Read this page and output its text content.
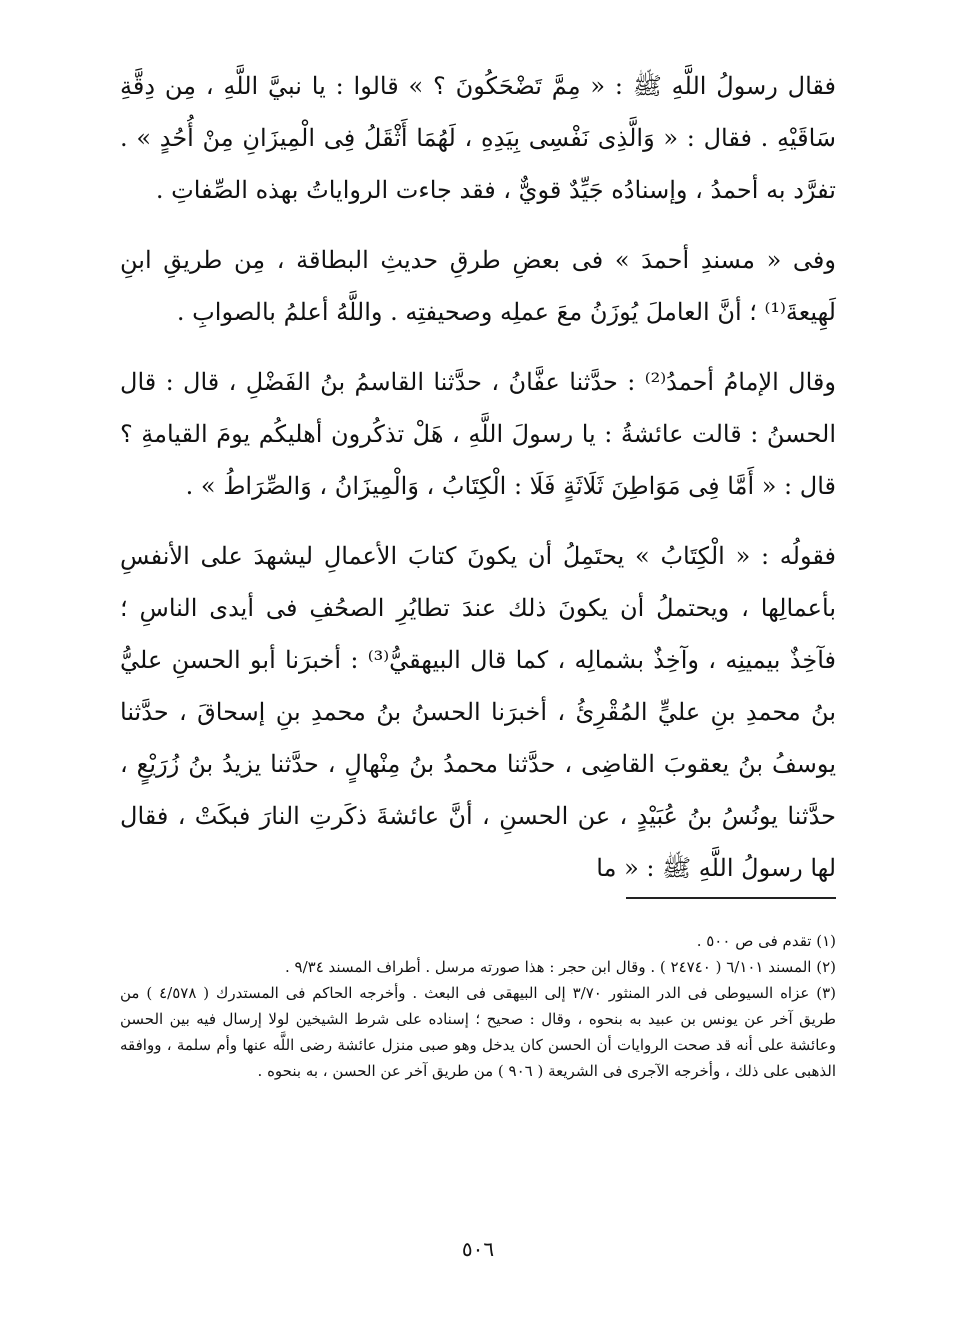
فقال رسولُ اللَّهِ ﷺ : « مِمَّ تَضْحَكُونَ ؟ » قالوا : يا نبيَّ اللَّهِ ، مِن دِقَّةِ سَاقَيْهِ . فقال : « وَالَّذِى نَفْسِى بِيَدِهِ ، لَهُمَا أَثْقَلُ فِى الْمِيزَانِ مِنْ أُحُدٍ » . تفرَّد به أحمدُ ، وإسنادُه جَيِّدٌ قويٌّ ، فقد جاءت الرواياتُ بهذه الصِّفاتِ .

وفى « مسندِ أحمدَ » فى بعضِ طرقِ حديثِ البطاقة ، مِن طريقِ ابنِ لَهِيعةَ⁽¹⁾ ؛ أنَّ العاملَ يُوزَنُ معَ عملِه وصحيفتِه . واللَّهُ أعلمُ بالصوابِ .

وقال الإمامُ أحمدُ⁽²⁾ : حدَّثنا عفَّانُ ، حدَّثنا القاسمُ بنُ الفَضْلِ ، قال : قال الحسنُ : قالت عائشةُ : يا رسولَ اللَّهِ ، هَلْ تذكُرون أهليكُم يومَ القيامةِ ؟ قال : « أَمَّا فِى مَوَاطِنَ ثَلَاثَةٍ فَلَا : الْكِتَابُ ، وَالْمِيزَانُ ، وَالصِّرَاطُ » .

فقولُه : « الْكِتَابُ » يحتَمِلُ أن يكونَ كتابَ الأعمالِ ليشهدَ على الأنفسِ بأعمالِها ، ويحتملُ أن يكونَ ذلك عندَ تطايُرِ الصحُفِ فى أيدى الناسِ ؛ فآخِذٌ بيمينِه ، وآخِذٌ بشمالِه ، كما قال البيهقيُّ⁽³⁾ : أخبرَنا أبو الحسنِ عليُّ بنُ محمدِ بنِ عليٍّ المُقْرِئُ ، أخبرَنا الحسنُ بنُ محمدِ بنِ إسحاقَ ، حدَّثنا يوسفُ بنُ يعقوبَ القاضِى ، حدَّثنا محمدُ بنُ مِنْهالٍ ، حدَّثنا يزيدُ بنُ زُرَيْعٍ ، حدَّثنا يونُسُ بنُ عُبَيْدٍ ، عن الحسنِ ، أنَّ عائشةَ ذكَرتِ النارَ فبكَتْ ، فقال لها رسولُ اللَّهِ ﷺ : « ما

(١) تقدم فى ص ٥٠٠ .

(٢) المسند ٦/١٠١ ( ٢٤٧٤٠ ) . وقال ابن حجر : هذا صورته مرسل . أطراف المسند ٩/٣٤ .

(٣) عزاه السيوطى فى الدر المنثور ٣/٧٠ إلى البيهقى فى البعث . وأخرجه الحاكم فى المستدرك ( ٤/٥٧٨ ) من طريق آخر عن يونس بن عبيد به بنحوه ، وقال : صحيح ؛ إسناده على شرط الشيخين لولا إرسال فيه بين الحسن وعائشة على أنه قد صحت الروايات أن الحسن كان يدخل وهو صبى منزل عائشة رضى اللَّه عنها وأم سلمة ، ووافقه الذهبى على ذلك ، وأخرجه الآجرى فى الشريعة ( ٩٠٦ ) من طريق آخر عن الحسن ، به بنحوه .

٥٠٦
